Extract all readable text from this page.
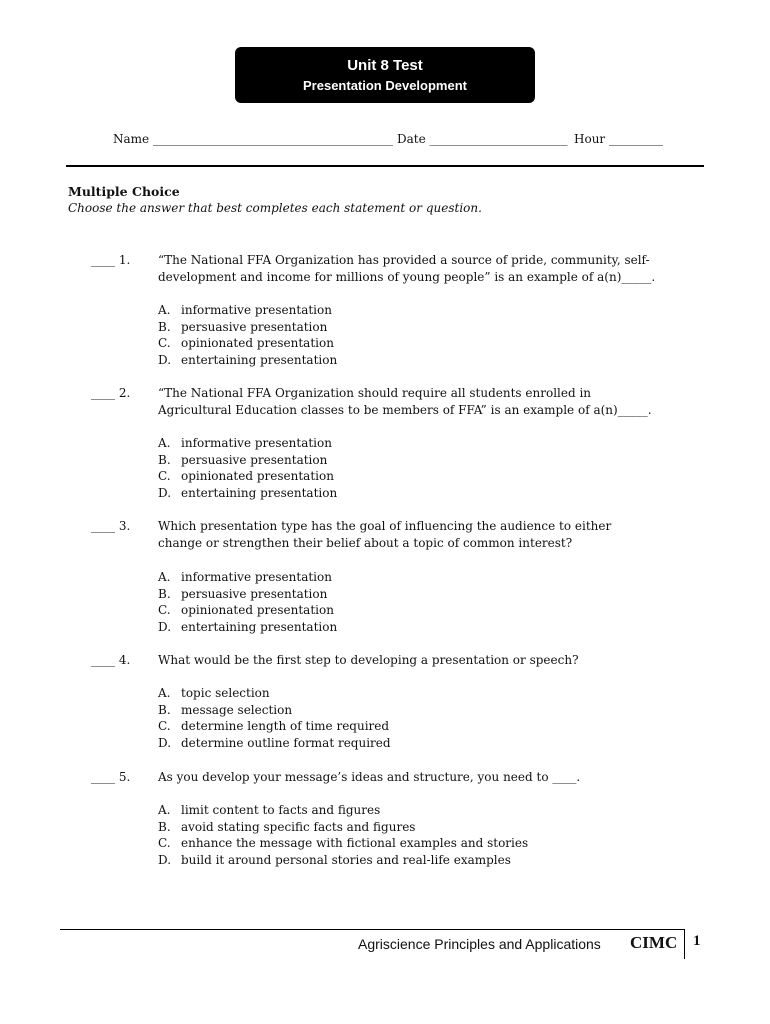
Unit 8 Test
Presentation Development
Name ________________________________________ Date _______________________ Hour _________
Multiple Choice
Choose the answer that best completes each statement or question.
____ 1. “The National FFA Organization has provided a source of pride, community, self-development and income for millions of young people” is an example of a(n)_____.
A. informative presentation
B. persuasive presentation
C. opinionated presentation
D. entertaining presentation
____ 2. “The National FFA Organization should require all students enrolled in Agricultural Education classes to be members of FFA” is an example of a(n)_____.
A. informative presentation
B. persuasive presentation
C. opinionated presentation
D. entertaining presentation
____ 3. Which presentation type has the goal of influencing the audience to either change or strengthen their belief about a topic of common interest?
A. informative presentation
B. persuasive presentation
C. opinionated presentation
D. entertaining presentation
____ 4. What would be the first step to developing a presentation or speech?
A. topic selection
B. message selection
C. determine length of time required
D. determine outline format required
____ 5. As you develop your message’s ideas and structure, you need to ____.
A. limit content to facts and figures
B. avoid stating specific facts and figures
C. enhance the message with fictional examples and stories
D. build it around personal stories and real-life examples
Agriscience Principles and Applications CIMC 1
